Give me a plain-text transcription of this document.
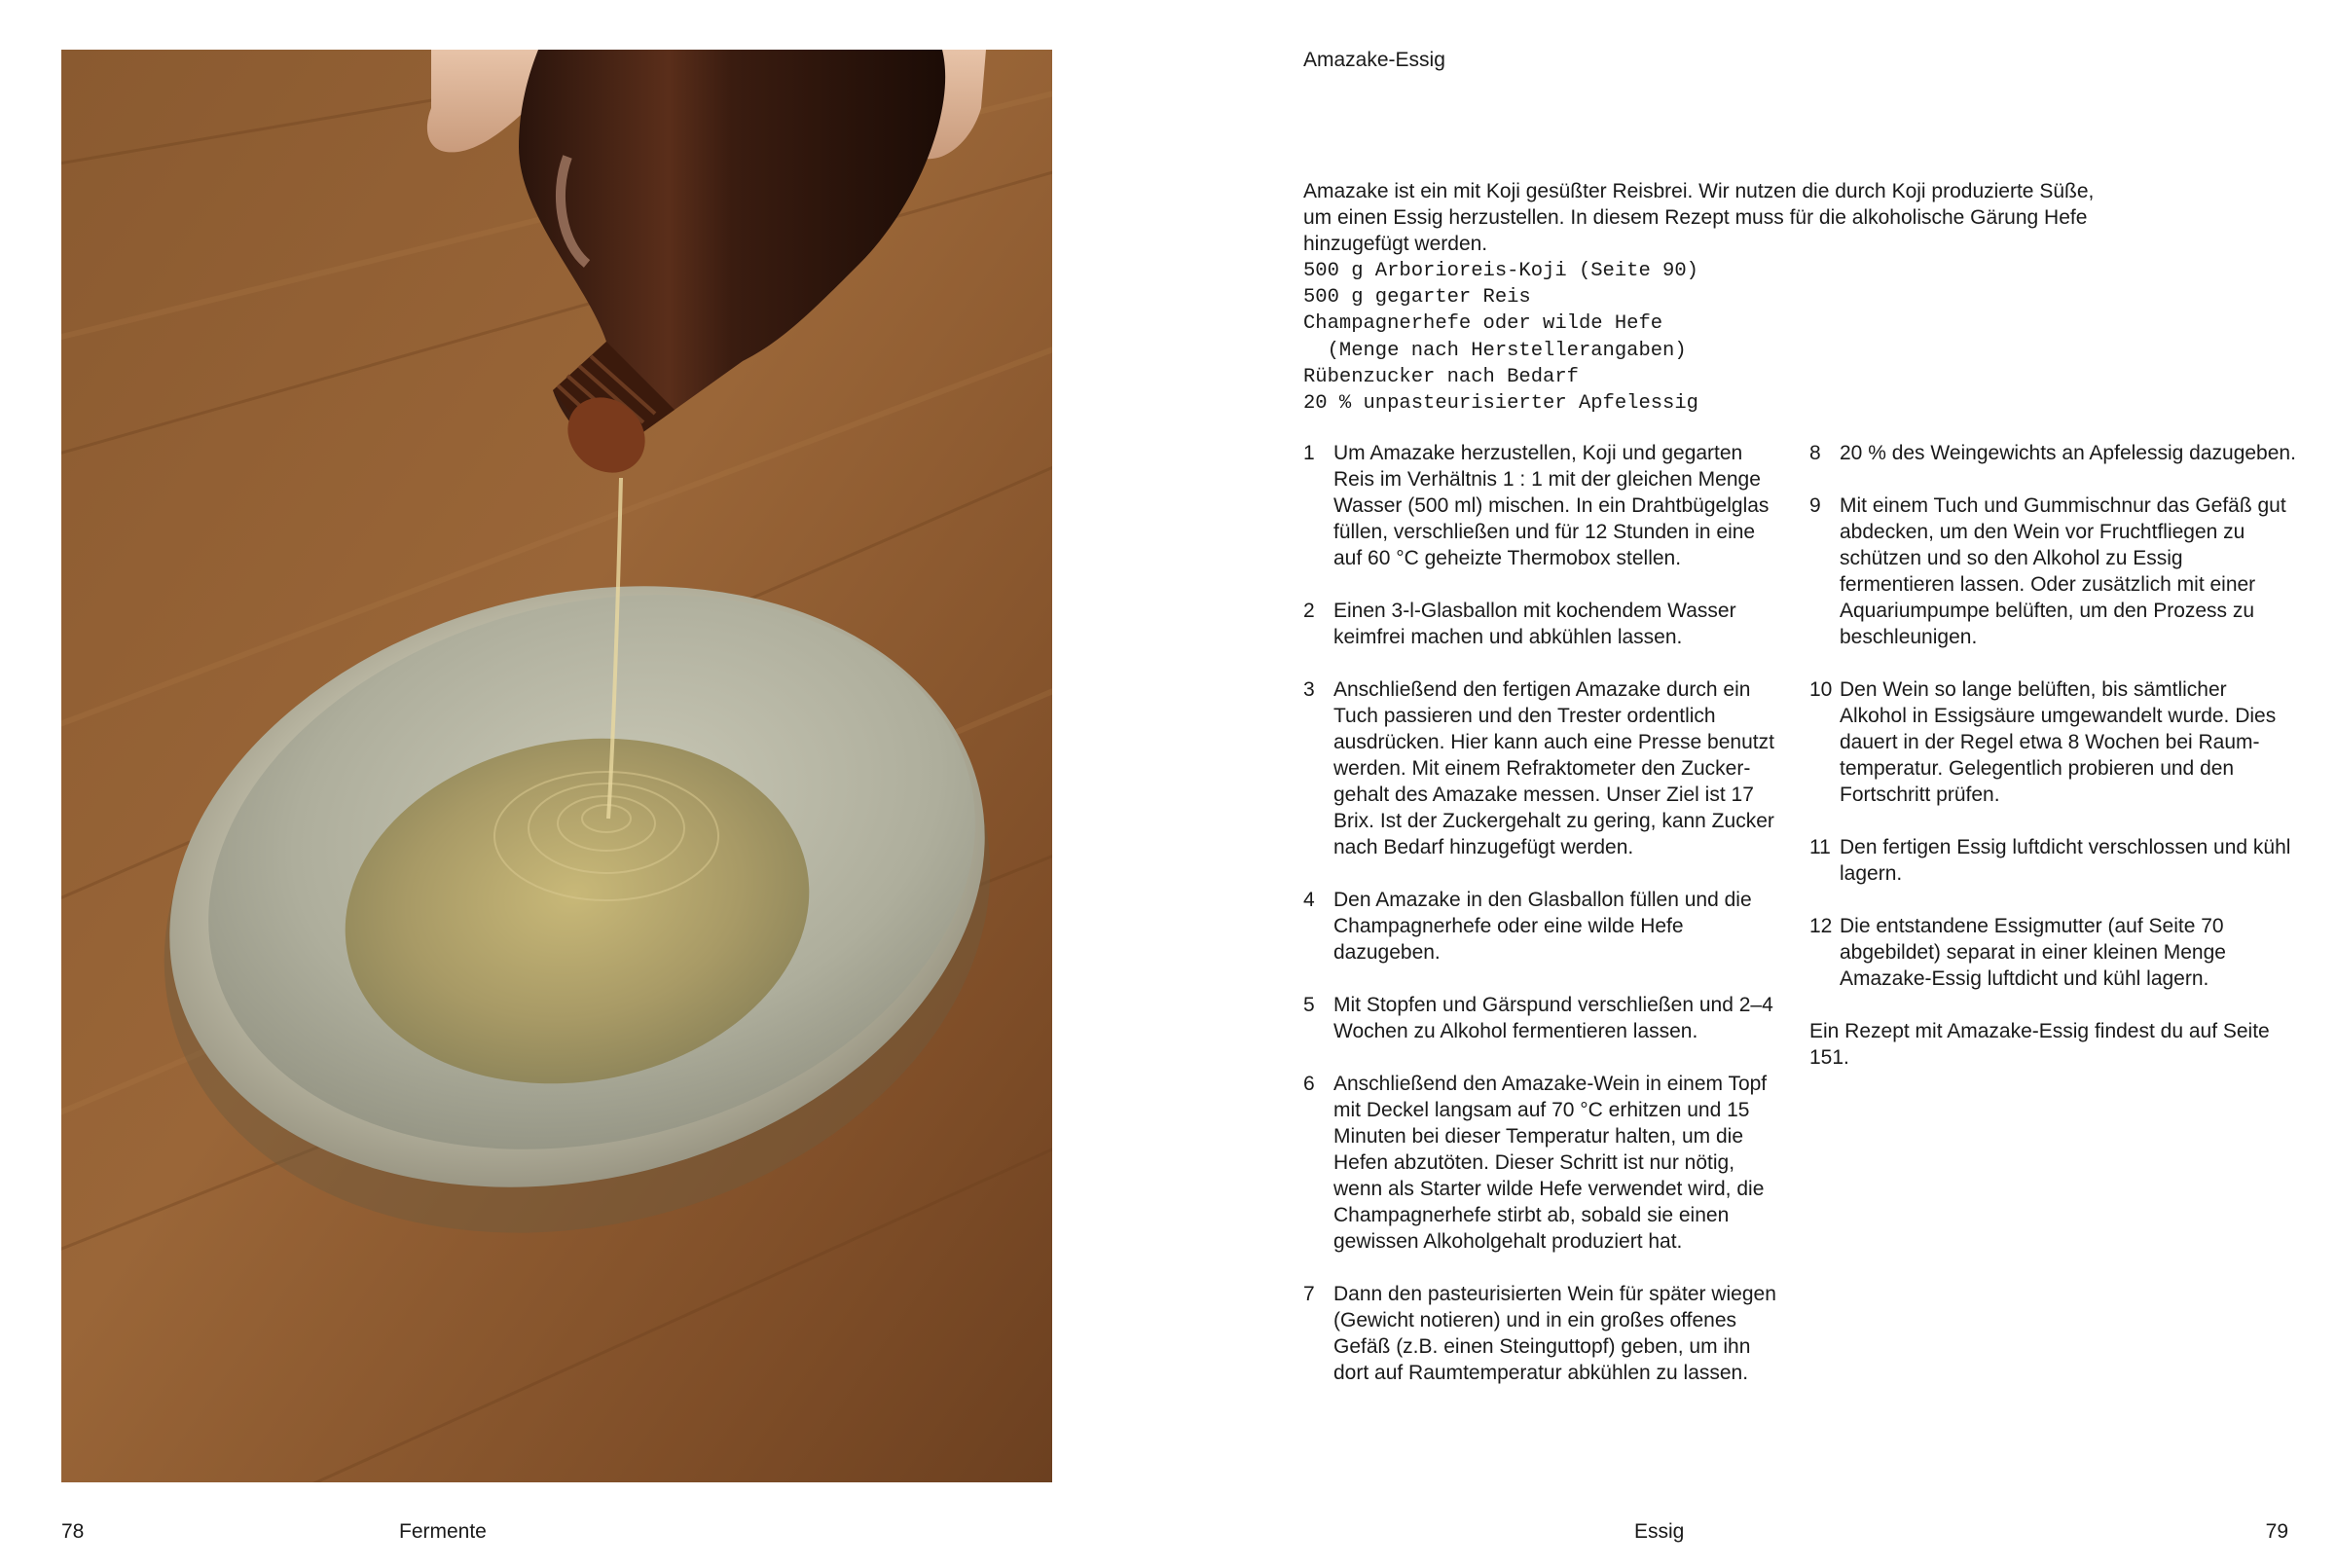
78	Fermente
Amazake-Essig

Amazake ist ein mit Koji gesüßter Reisbrei. Wir nutzen die durch Koji produzierte Süße, um einen Essig herzustellen. In diesem Rezept muss für die alkoholische Gärung Hefe hinzugefügt werden.

500 g Arborioreis-Koji (Seite 90)
500 g gegarter Reis
Champagnerhefe oder wilde Hefe
(Menge nach Herstellerangaben)
Rübenzucker nach Bedarf
20 % unpasteurisierter Apfelessig
1 Um Amazake herzustellen, Koji und gegarten Reis im Verhältnis 1 : 1 mit der gleichen Menge Wasser (500 ml) mischen. In ein Drahtbügelglas füllen, verschließen und für 12 Stunden in eine auf 60 °C geheizte Thermobox stellen.
2 Einen 3-l-Glasballon mit kochendem Wasser keimfrei machen und abkühlen lassen.
3 Anschließend den fertigen Amazake durch ein Tuch passieren und den Trester ordentlich ausdrücken. Hier kann auch eine Presse benutzt werden. Mit einem Refraktometer den Zuckergehalt des Amazake messen. Unser Ziel ist 17 Brix. Ist der Zuckergehalt zu gering, kann Zucker nach Bedarf hinzugefügt werden.
4 Den Amazake in den Glasballon füllen und die Champagnerhefe oder eine wilde Hefe dazugeben.
5 Mit Stopfen und Gärspund verschließen und 2–4 Wochen zu Alkohol fermentieren lassen.
6 Anschließend den Amazake-Wein in einem Topf mit Deckel langsam auf 70 °C erhitzen und 15 Minuten bei dieser Temperatur halten, um die Hefen abzutöten. Dieser Schritt ist nur nötig, wenn als Starter wilde Hefe verwendet wird, die Champagnerhefe stirbt ab, sobald sie einen gewissen Alkoholgehalt produziert hat.
7 Dann den pasteurisierten Wein für später wiegen (Gewicht notieren) und in ein großes offenes Gefäß (z.B. einen Steinguttopf) geben, um ihn dort auf Raumtemperatur abkühlen zu lassen.
8 20 % des Weingewichts an Apfelessig dazugeben.
9 Mit einem Tuch und Gummischnur das Gefäß gut abdecken, um den Wein vor Fruchtfliegen zu schützen und so den Alkohol zu Essig fermentieren lassen. Oder zusätzlich mit einer Aquariumpumpe belüften, um den Prozess zu beschleunigen.
10 Den Wein so lange belüften, bis sämtlicher Alkohol in Essigsäure umgewandelt wurde. Dies dauert in der Regel etwa 8 Wochen bei Raumtemperatur. Gelegentlich probieren und den Fortschritt prüfen.
11 Den fertigen Essig luftdicht verschlossen und kühl lagern.
12 Die entstandene Essigmutter (auf Seite 70 abgebildet) separat in einer kleinen Menge Amazake-Essig luftdicht und kühl lagern.

Ein Rezept mit Amazake-Essig findest du auf Seite 151.

Essig	79
